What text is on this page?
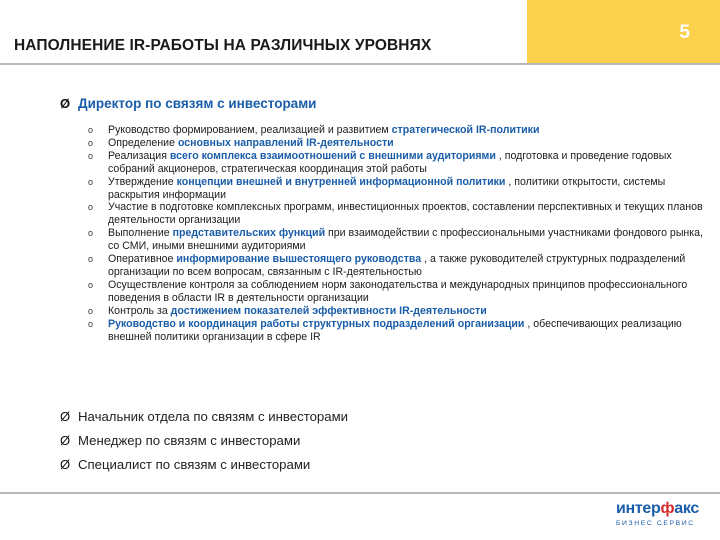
НАПОЛНЕНИЕ IR-РАБОТЫ НА РАЗЛИЧНЫХ УРОВНЯХ
5
Ø Директор по связям с инвесторами
o Руководство формированием, реализацией и развитием стратегической IR-политики
o Определение основных направлений IR-деятельности
o Реализация всего комплекса взаимоотношений с внешними аудиториями , подготовка и проведение годовых собраний акционеров, стратегическая координация этой работы
o Утверждение концепции внешней и внутренней информационной политики , политики открытости, системы раскрытия информации
o Участие в подготовке комплексных программ, инвестиционных проектов, составлении перспективных и текущих планов деятельности организации
o Выполнение представительских функций при взаимодействии с профессиональными участниками фондового рынка, со СМИ, иными внешними аудиториями
o Оперативное информирование вышестоящего руководства , а также руководителей структурных подразделений организации по всем вопросам, связанным с IR-деятельностью
o Осуществление контроля за соблюдением норм законодательства и международных принципов профессионального поведения в области IR в деятельности организации
o Контроль за достижением показателей эффективности IR-деятельности
o Руководство и координация работы структурных подразделений организации , обеспечивающих реализацию внешней политики организации в сфере IR
Ø Начальник отдела по связям с инвесторами
Ø Менеджер по связям с инвесторами
Ø Специалист по связям с инвесторами
интерфакс
БИЗНЕС СЕРВИС
